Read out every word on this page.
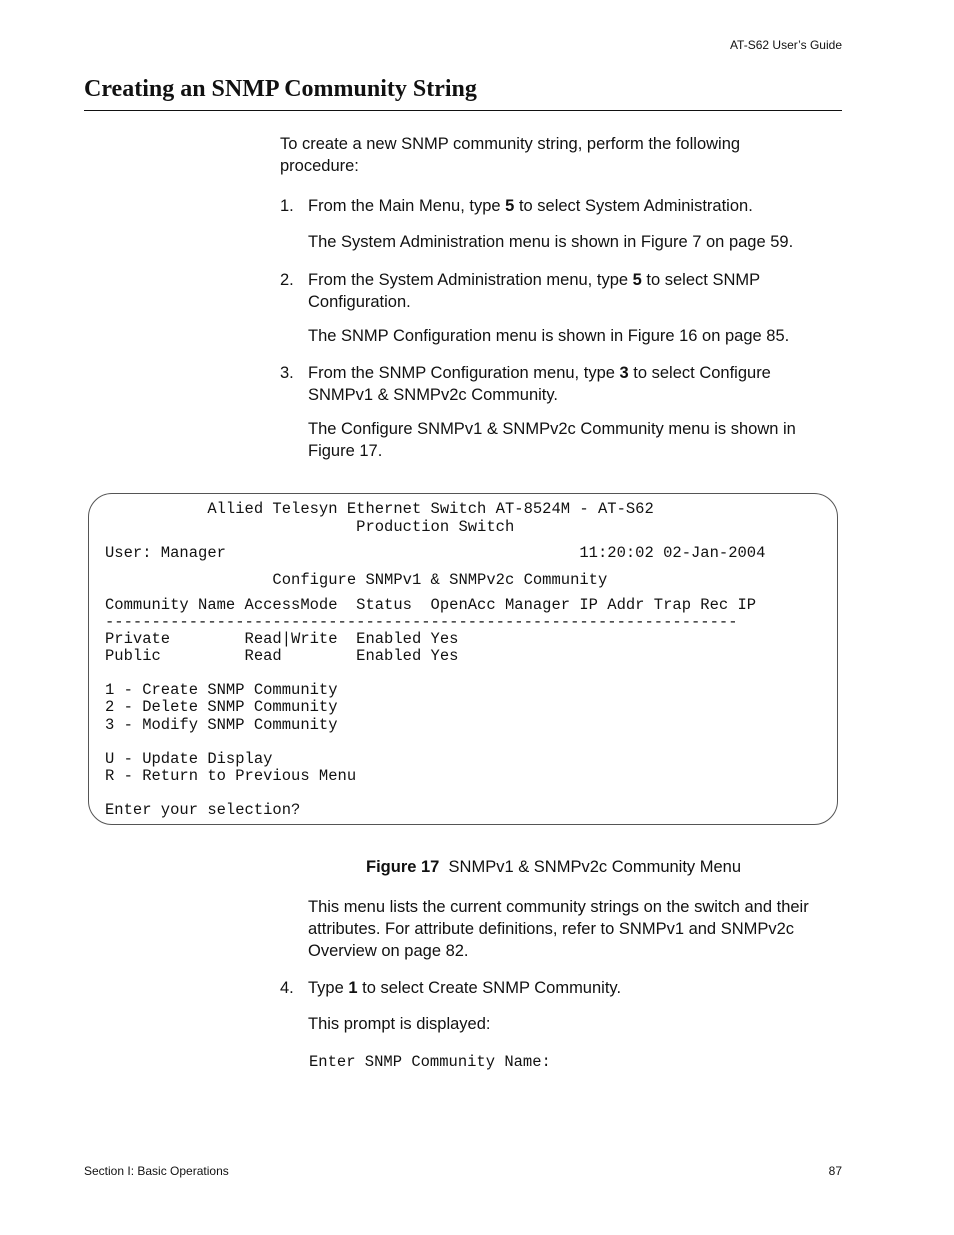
AT-S62 User’s Guide
Creating an SNMP Community String
To create a new SNMP community string, perform the following procedure:
1. From the Main Menu, type 5 to select System Administration.
The System Administration menu is shown in Figure 7 on page 59.
2. From the System Administration menu, type 5 to select SNMP Configuration.
The SNMP Configuration menu is shown in Figure 16 on page 85.
3. From the SNMP Configuration menu, type 3 to select Configure SNMPv1 & SNMPv2c Community.
The Configure SNMPv1 & SNMPv2c Community menu is shown in Figure 17.
Allied Telesyn Ethernet Switch AT-8524M - AT-S62
Production Switch
User: Manager                                      11:20:02 02-Jan-2004
Configure SNMPv1 & SNMPv2c Community
Community Name AccessMode  Status  OpenAcc Manager IP Addr Trap Rec IP
--------------------------------------------------------------------
Private        Read|Write  Enabled Yes
Public         Read        Enabled Yes
1 - Create SNMP Community
2 - Delete SNMP Community
3 - Modify SNMP Community
U - Update Display
R - Return to Previous Menu
Enter your selection?
Figure 17 SNMPv1 & SNMPv2c Community Menu
This menu lists the current community strings on the switch and their attributes. For attribute definitions, refer to SNMPv1 and SNMPv2c Overview on page 82.
4. Type 1 to select Create SNMP Community.
This prompt is displayed:
Enter SNMP Community Name:
Section I: Basic Operations	87
